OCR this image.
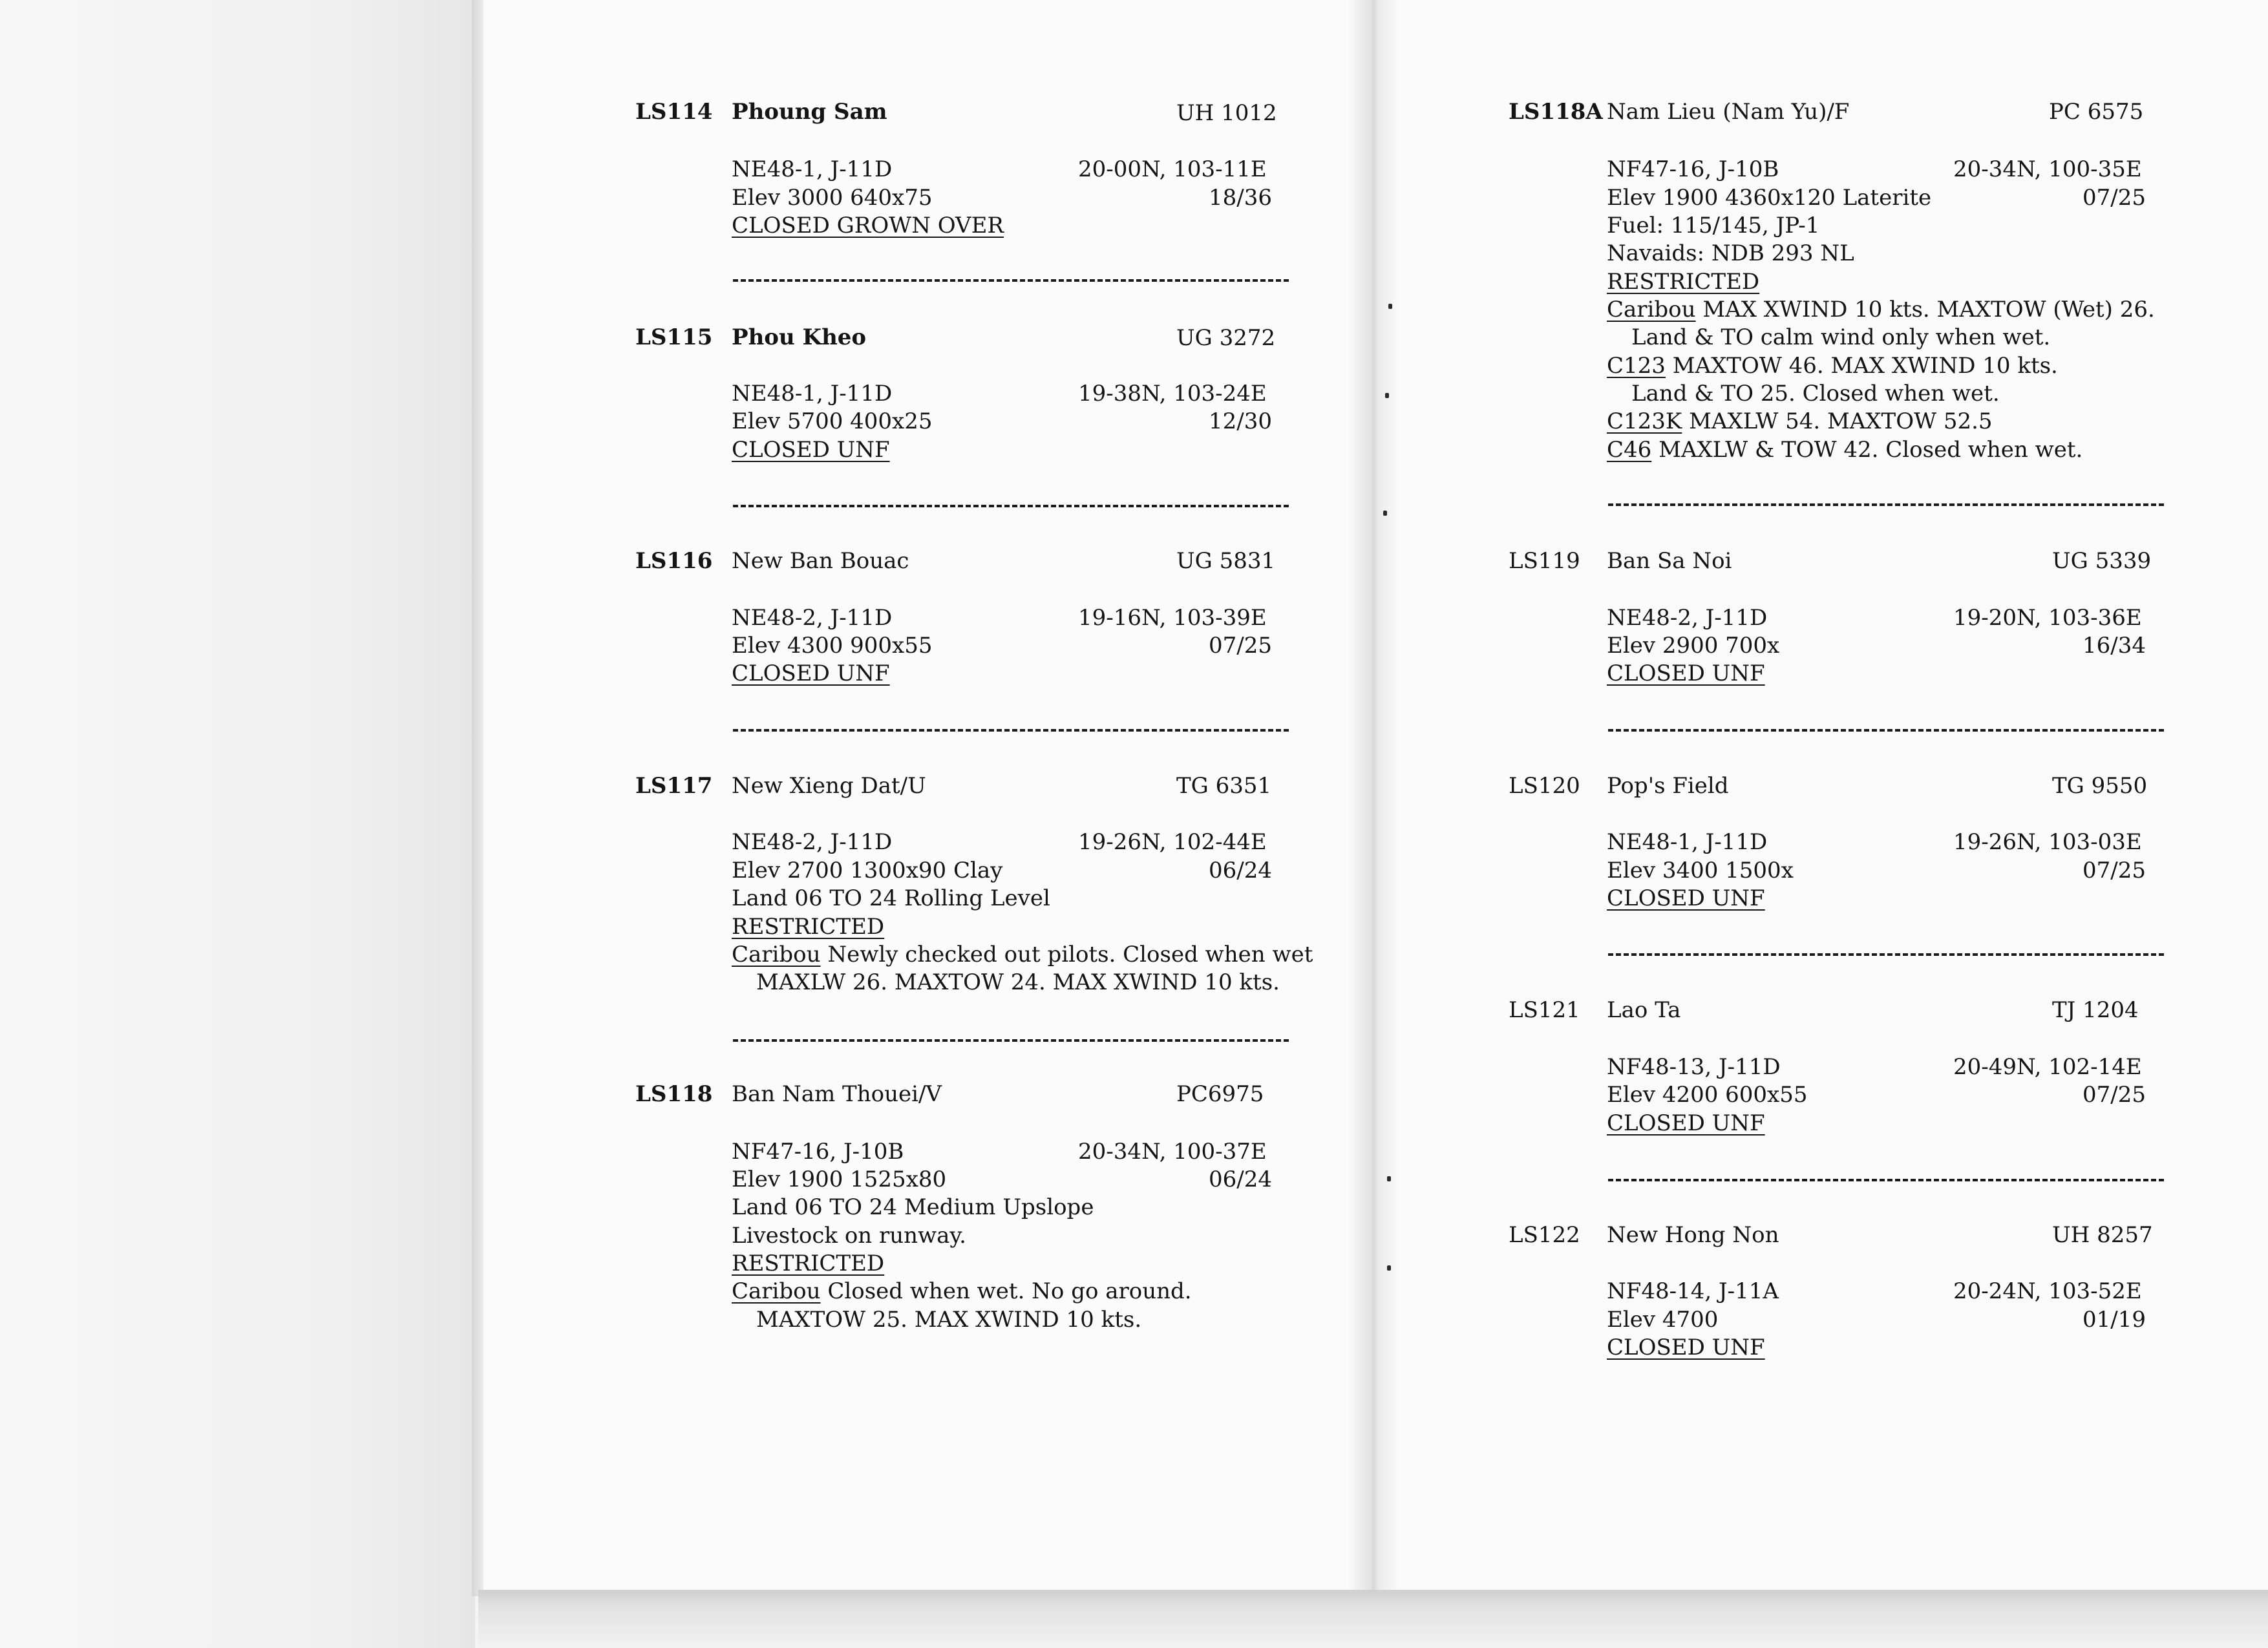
LS114 Phoung Sam	UH 1012
NE48-1, J-11D	20-00N, 103-11E
Elev 3000 640x75	18/36
CLOSED GROWN OVER
LS115 Phou Kheo	UG 3272
NE48-1, J-11D	19-38N, 103-24E
Elev 5700 400x25	12/30
CLOSED UNF
LS116 New Ban Bouac	UG 5831
NE48-2, J-11D	19-16N, 103-39E
Elev 4300 900x55	07/25
CLOSED UNF
LS117 New Xieng Dat/U	TG 6351
NE48-2, J-11D	19-26N, 102-44E
Elev 2700 1300x90 Clay	06/24
Land 06 TO 24 Rolling Level
RESTRICTED
Caribou Newly checked out pilots. Closed when wet
MAXLW 26. MAXTOW 24. MAX XWIND 10 kts.
LS118 Ban Nam Thouei/V	PC6975
NF47-16, J-10B	20-34N, 100-37E
Elev 1900 1525x80	06/24
Land 06 TO 24 Medium Upslope
Livestock on runway.
RESTRICTED
Caribou Closed when wet. No go around.
MAXTOW 25. MAX XWIND 10 kts.
LS118A Nam Lieu (Nam Yu)/F	PC 6575
NF47-16, J-10B	20-34N, 100-35E
Elev 1900 4360x120 Laterite	07/25
Fuel: 115/145, JP-1
Navaids: NDB 293 NL
RESTRICTED
Caribou MAX XWIND 10 kts. MAXTOW (Wet) 26.
Land & TO calm wind only when wet.
C123 MAXTOW 46. MAX XWIND 10 kts.
Land & TO 25. Closed when wet.
C123K MAXLW 54. MAXTOW 52.5
C46 MAXLW & TOW 42. Closed when wet.
LS119 Ban Sa Noi	UG 5339
NE48-2, J-11D	19-20N, 103-36E
Elev 2900 700x	16/34
CLOSED UNF
LS120 Pop's Field	TG 9550
NE48-1, J-11D	19-26N, 103-03E
Elev 3400 1500x	07/25
CLOSED UNF
LS121 Lao Ta	TJ 1204
NF48-13, J-11D	20-49N, 102-14E
Elev 4200 600x55	07/25
CLOSED UNF
LS122 New Hong Non	UH 8257
NF48-14, J-11A	20-24N, 103-52E
Elev 4700	01/19
CLOSED UNF
